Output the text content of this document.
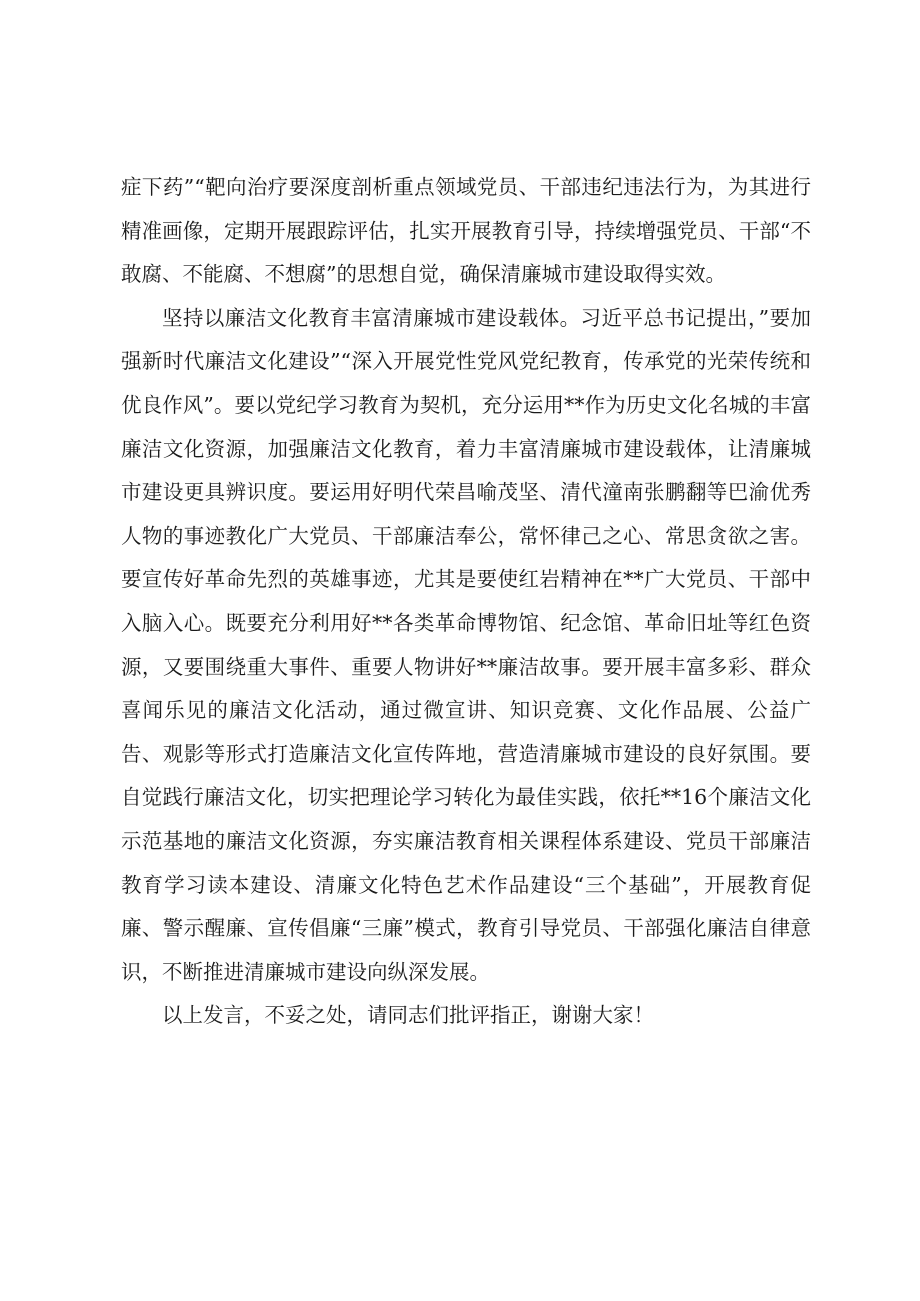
症下药”“靶向治疗要深度剖析重点领域党员、干部违纪违法行为，为其进行精准画像，定期开展跟踪评估，扎实开展教育引导，持续增强党员、干部“不敢腐、不能腐、不想腐”的思想自觉，确保清廉城市建设取得实效。

坚持以廉洁文化教育丰富清廉城市建设载体。习近平总书记提出，”要加强新时代廉洁文化建设”“深入开展党性党风党纪教育，传承党的光荣传统和优良作风”。要以党纪学习教育为契机，充分运用**作为历史文化名城的丰富廉洁文化资源，加强廉洁文化教育，着力丰富清廉城市建设载体，让清廉城市建设更具辨识度。要运用好明代荣昌喻茂坚、清代潼南张鹏翻等巴渝优秀人物的事迹教化广大党员、干部廉洁奉公，常怀律己之心、常思贪欲之害。要宣传好革命先烈的英雄事迹，尤其是要使红岩精神在**广大党员、干部中入脑入心。既要充分利用好**各类革命博物馆、纪念馆、革命旧址等红色资源，又要围绕重大事件、重要人物讲好**廉洁故事。要开展丰富多彩、群众喜闻乐见的廉洁文化活动，通过微宣讲、知识竞赛、文化作品展、公益广告、观影等形式打造廉洁文化宣传阵地，营造清廉城市建设的良好氛围。要自觉践行廉洁文化，切实把理论学习转化为最佳实践，依托**16个廉洁文化示范基地的廉洁文化资源，夯实廉洁教育相关课程体系建设、党员干部廉洁教育学习读本建设、清廉文化特色艺术作品建设“三个基础”，开展教育促廉、警示醒廉、宣传倡廉“三廉”模式，教育引导党员、干部强化廉洁自律意识，不断推进清廉城市建设向纵深发展。

以上发言，不妥之处，请同志们批评指正，谢谢大家！
